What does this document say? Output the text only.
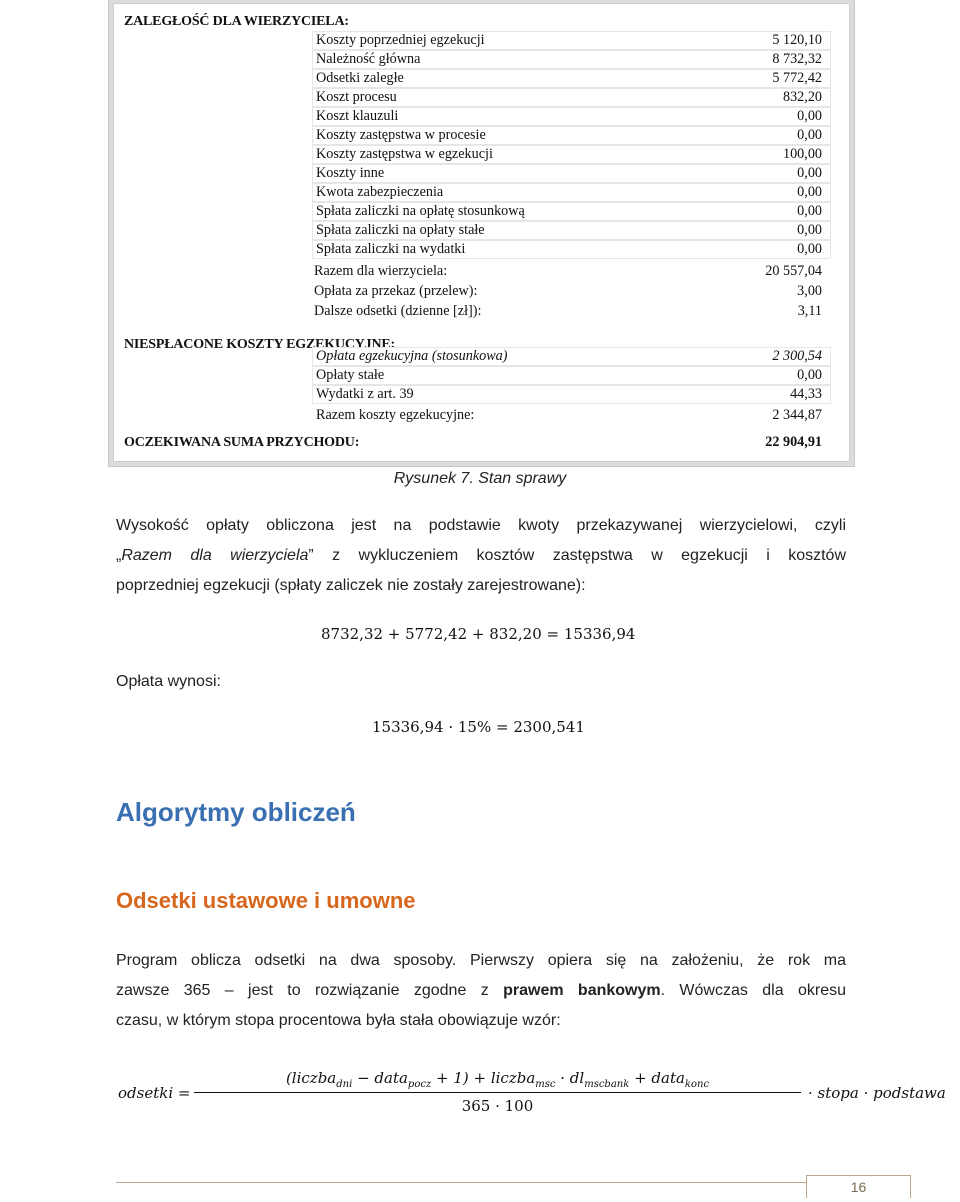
ZALEGŁOŚĆ DLA WIERZYCIELA:
Koszty poprzedniej egzekucji	5 120,10
Należność główna	8 732,32
Odsetki zaległe	5 772,42
Koszt procesu	832,20
Koszt klauzuli	0,00
Koszty zastępstwa w procesie	0,00
Koszty zastępstwa w egzekucji	100,00
Koszty inne	0,00
Kwota zabezpieczenia	0,00
Spłata zaliczki na opłatę stosunkową	0,00
Spłata zaliczki na opłaty stałe	0,00
Spłata zaliczki na wydatki	0,00
Razem dla wierzyciela:	20 557,04
Opłata za przekaz (przelew):	3,00
Dalsze odsetki (dzienne [zł]):	3,11
NIESPŁACONE KOSZTY EGZEKUCYJNE:
Opłata egzekucyjna (stosunkowa)	2 300,54
Opłaty stałe	0,00
Wydatki z art. 39	44,33
Razem koszty egzekucyjne:	2 344,87
OCZEKIWANA SUMA PRZYCHODU:	22 904,91
Rysunek 7. Stan sprawy
Wysokość opłaty obliczona jest na podstawie kwoty przekazywanej wierzycielowi, czyli
„Razem dla wierzyciela” z wykluczeniem kosztów zastępstwa w egzekucji i kosztów
poprzedniej egzekucji (spłaty zaliczek nie zostały zarejestrowane):
8732,32 + 5772,42 + 832,20 = 15336,94
Opłata wynosi:
15336,94 · 15% = 2300,541
Algorytmy obliczeń
Odsetki ustawowe i umowne
Program oblicza odsetki na dwa sposoby. Pierwszy opiera się na założeniu, że rok ma
zawsze 365 – jest to rozwiązanie zgodne z prawem bankowym. Wówczas dla okresu
czasu, w którym stopa procentowa była stała obowiązuje wzór:
odsetki =
(liczba$_{dni}$ − data$_{pocz}$ + 1) + liczba$_{msc}$ · $dl_{mscbank}$ + data$_{konc}$
365 · 100
· stopa · podstawa
16
